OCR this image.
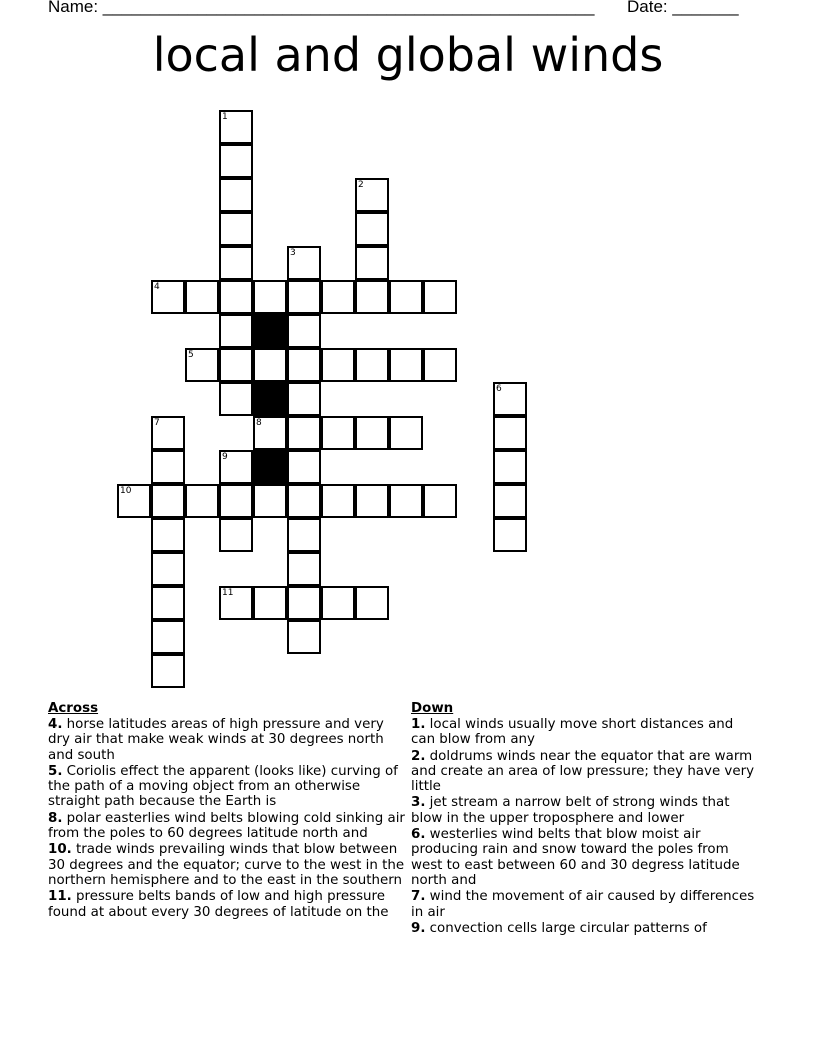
Name: ____________________________________________________ Date: _______
local and global winds
1
2
3
4
5
6
7	8
9
10
11
Across

4. horse latitudes areas of high pressure and very dry air that make weak winds at 30 degrees north and south

5. Coriolis effect the apparent (looks like) curving of the path of a moving object from an otherwise straight path because the Earth is

8. polar easterlies wind belts blowing cold sinking air from the poles to 60 degrees latitude north and

10. trade winds prevailing winds that blow between 30 degrees and the equator; curve to the west in the northern hemisphere and to the east in the southern

11. pressure belts bands of low and high pressure found at about every 30 degrees of latitude on the

Down

1. local winds usually move short distances and can blow from any

2. doldrums winds near the equator that are warm and create an area of low pressure; they have very little

3. jet stream a narrow belt of strong winds that blow in the upper troposphere and lower

6. westerlies wind belts that blow moist air producing rain and snow toward the poles from west to east between 60 and 30 degress latitude north and

7. wind the movement of air caused by differences in air

9. convection cells large circular patterns of
